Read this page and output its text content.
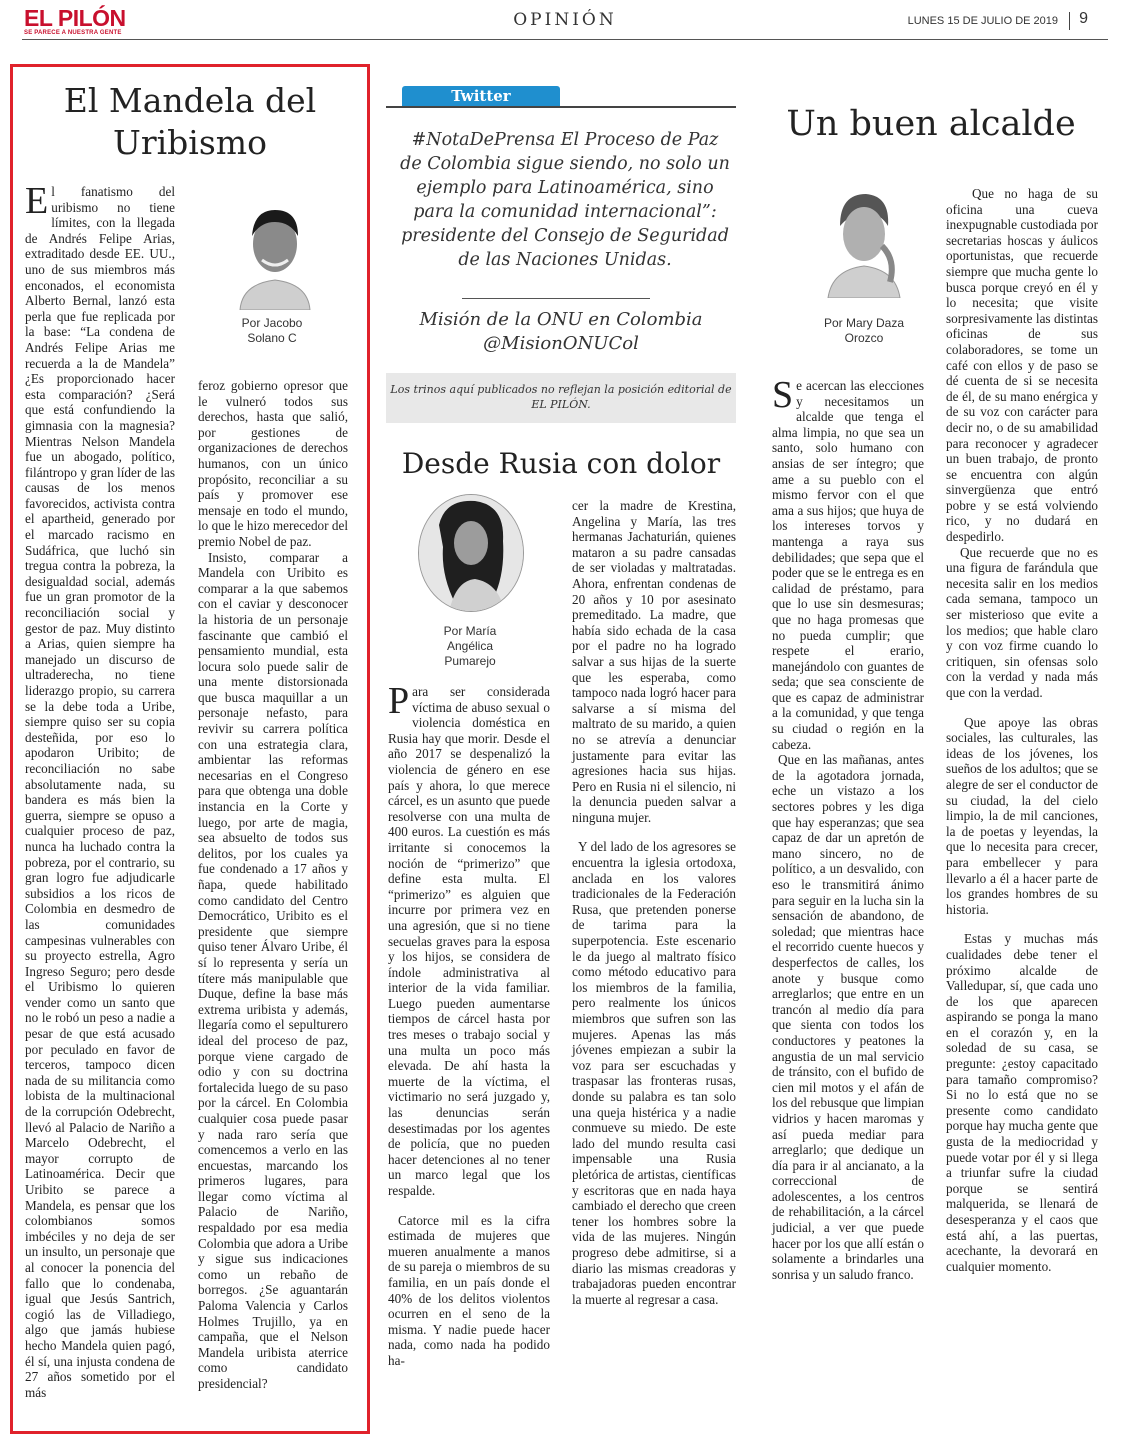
EL PILÓN
SE PARECE A NUESTRA GENTE
OPINIÓN	LUNES 15 DE JULIO DE 2019 9
El Mandela del Uribismo
Por Jacobo
Solano C

El fanatismo del uribismo no tiene límites, con la llegada de Andrés Felipe Arias, extraditado desde EE. UU., uno de sus miembros más enconados, el economista Alberto Bernal, lanzó esta perla que fue replicada por la base: “La condena de Andrés Felipe Arias me recuerda a la de Mandela” ¿Es proporcionado hacer esta comparación? ¿Será que está confundiendo la gimnasia con la magnesia? Mientras Nelson Mandela fue un abogado, político, filántropo y gran líder de las causas de los menos favorecidos, activista contra el apartheid, generado por el marcado racismo en Sudáfrica, que luchó sin tregua contra la pobreza, la desigualdad social, además fue un gran promotor de la reconciliación social y gestor de paz. Muy distinto a Arias, quien siempre ha manejado un discurso de ultraderecha, no tiene liderazgo propio, su carrera se la debe toda a Uribe, siempre quiso ser su copia desteñida, por eso lo apodaron Uribito; de reconciliación no sabe absolutamente nada, su bandera es más bien la guerra, siempre se opuso a cualquier proceso de paz, nunca ha luchado contra la pobreza, por el contrario, su gran logro fue adjudicarle subsidios a los ricos de Colombia en desmedro de las comunidades campesinas vulnerables con su proyecto estrella, Agro Ingreso Seguro; pero desde el Uribismo lo quieren vender como un santo que no le robó un peso a nadie a pesar de que está acusado por peculado en favor de terceros, tampoco dicen nada de su militancia como lobista de la multinacional de la corrupción Odebrecht, llevó al Palacio de Nariño a Marcelo Odebrecht, el mayor corrupto de Latinoamérica. Decir que Uribito se parece a Mandela, es pensar que los colombianos somos imbéciles y no deja de ser un insulto, un personaje que al conocer la ponencia del fallo que lo condenaba, igual que Jesús Santrich, cogió las de Villadiego, algo que jamás hubiese hecho Mandela quien pagó, él sí, una injusta condena de 27 años sometido por el más

feroz gobierno opresor que le vulneró todos sus derechos, hasta que salió, por gestiones de organizaciones de derechos humanos, con un único propósito, reconciliar a su país y promover ese mensaje en todo el mundo, lo que le hizo merecedor del premio Nobel de paz.

Insisto, comparar a Mandela con Uribito es comparar a la que sabemos con el caviar y desconocer la historia de un personaje fascinante que cambió el pensamiento mundial, esta locura solo puede salir de una mente distorsionada que busca maquillar a un personaje nefasto, para revivir su carrera política con una estrategia clara, ambientar las reformas necesarias en el Congreso para que obtenga una doble instancia en la Corte y luego, por arte de magia, sea absuelto de todos sus delitos, por los cuales ya fue condenado a 17 años y ñapa, quede habilitado como candidato del Centro Democrático, Uribito es el presidente que siempre quiso tener Álvaro Uribe, él sí lo representa y sería un títere más manipulable que Duque, define la base más extrema uribista y además, llegaría como el sepulturero ideal del proceso de paz, porque viene cargado de odio y con su doctrina fortalecida luego de su paso por la cárcel. En Colombia cualquier cosa puede pasar y nada raro sería que comencemos a verlo en las encuestas, marcando los primeros lugares, para llegar como víctima al Palacio de Nariño, respaldado por esa media Colombia que adora a Uribe y sigue sus indicaciones como un rebaño de borregos. ¿Se aguantarán Paloma Valencia y Carlos Holmes Trujillo, ya en campaña, que el Nelson Mandela uribista aterrice como candidato presidencial?

Twitter
#NotaDePrensa El Proceso de Paz de Colombia sigue siendo, no solo un ejemplo para Latinoamérica, sino para la comunidad internacional”: presidente del Consejo de Seguridad de las Naciones Unidas.
Misión de la ONU en Colombia
@MisionONUCol
Los trinos aquí publicados no reflejan la posición editorial de EL PILÓN.
Desde Rusia con dolor
Por María
Angélica
Pumarejo

Para ser considerada víctima de abuso sexual o violencia doméstica en Rusia hay que morir. Desde el año 2017 se despenalizó la violencia de género en ese país y ahora, lo que merece cárcel, es un asunto que puede resolverse con una multa de 400 euros. La cuestión es más irritante si conocemos la noción de “primerizo” que define esta multa. El “primerizo” es alguien que incurre por primera vez en una agresión, que si no tiene secuelas graves para la esposa y los hijos, se considera de índole administrativa al interior de la vida familiar. Luego pueden aumentarse tiempos de cárcel hasta por tres meses o trabajo social y una multa un poco más elevada. De ahí hasta la muerte de la víctima, el victimario no será juzgado y, las denuncias serán desestimadas por los agentes de policía, que no pueden hacer detenciones al no tener un marco legal que los respalde.

Catorce mil es la cifra estimada de mujeres que mueren anualmente a manos de su pareja o miembros de su familia, en un país donde el 40% de los delitos violentos ocurren en el seno de la misma. Y nadie puede hacer nada, como nada ha podido ha-

cer la madre de Krestina, Angelina y María, las tres hermanas Jachaturián, quienes mataron a su padre cansadas de ser violadas y maltratadas. Ahora, enfrentan condenas de 20 años y 10 por asesinato premeditado. La madre, que había sido echada de la casa por el padre no ha logrado salvar a sus hijas de la suerte que les esperaba, como tampoco nada logró hacer para salvarse a sí misma del maltrato de su marido, a quien no se atrevía a denunciar justamente para evitar las agresiones hacia sus hijas. Pero en Rusia ni el silencio, ni la denuncia pueden salvar a ninguna mujer.

Y del lado de los agresores se encuentra la iglesia ortodoxa, anclada en los valores tradicionales de la Federación Rusa, que pretenden ponerse de tarima para la superpotencia. Este escenario le da juego al maltrato físico como método educativo para los miembros de la familia, pero realmente los únicos miembros que sufren son las mujeres. Apenas las más jóvenes empiezan a subir la voz para ser escuchadas y traspasar las fronteras rusas, donde su palabra es tan solo una queja histérica y a nadie conmueve su miedo. De este lado del mundo resulta casi impensable una Rusia pletórica de artistas, científicas y escritoras que en nada haya cambiado el derecho que creen tener los hombres sobre la vida de las mujeres. Ningún progreso debe admitirse, si a diario las mismas creadoras y trabajadoras pueden encontrar la muerte al regresar a casa.

Un buen alcalde
Por Mary Daza
Orozco

Se acercan las elecciones y necesitamos un alcalde que tenga el alma limpia, no que sea un santo, solo humano con ansias de ser íntegro; que ame a su pueblo con el mismo fervor con el que ama a sus hijos; que huya de los intereses torvos y mantenga a raya sus debilidades; que sepa que el poder que se le entrega es en calidad de préstamo, para que lo use sin desmesuras; que no haga promesas que no pueda cumplir; que respete el erario, manejándolo con guantes de seda; que sea consciente de que es capaz de administrar a la comunidad, y que tenga su ciudad o región en la cabeza.

Que en las mañanas, antes de la agotadora jornada, eche un vistazo a los sectores pobres y les diga que hay esperanzas; que sea capaz de dar un apretón de mano sincero, no de político, a un desvalido, con eso le transmitirá ánimo para seguir en la lucha sin la sensación de abandono, de soledad; que mientras hace el recorrido cuente huecos y desperfectos de calles, los anote y busque como arreglarlos; que entre en un trancón al medio día para que sienta con todos los conductores y peatones la angustia de un mal servicio de tránsito, con el bufido de cien mil motos y el afán de los del rebusque que limpian vidrios y hacen maromas y así pueda mediar para arreglarlo; que dedique un día para ir al ancianato, a la correccional de adolescentes, a los centros de rehabilitación, a la cárcel judicial, a ver que puede hacer por los que allí están o solamente a brindarles una sonrisa y un saludo franco.

Que no haga de su oficina una cueva inexpugnable custodiada por secretarias hoscas y áulicos oportunistas, que recuerde siempre que mucha gente lo busca porque creyó en él y lo necesita; que visite sorpresivamente las distintas oficinas de sus colaboradores, se tome un café con ellos y de paso se dé cuenta de si se necesita de él, de su mano enérgica y de su voz con carácter para decir no, o de su amabilidad para reconocer y agradecer un buen trabajo, de pronto se encuentra con algún sinvergüenza que entró pobre y se está volviendo rico, y no dudará en despedirlo.

Que recuerde que no es una figura de farándula que necesita salir en los medios cada semana, tampoco un ser misterioso que evite a los medios; que hable claro y con voz firme cuando lo critiquen, sin ofensas solo con la verdad y nada más que con la verdad.

Que apoye las obras sociales, las culturales, las ideas de los jóvenes, los sueños de los adultos; que se alegre de ser el conductor de su ciudad, la del cielo limpio, la de mil canciones, la de poetas y leyendas, la que lo necesita para crecer, para embellecer y para llevarlo a él a hacer parte de los grandes hombres de su historia.

Estas y muchas más cualidades debe tener el próximo alcalde de Valledupar, sí, que cada uno de los que aparecen aspirando se ponga la mano en el corazón y, en la soledad de su casa, se pregunte: ¿estoy capacitado para tamaño compromiso? Si no lo está que no se presente como candidato porque hay mucha gente que gusta de la mediocridad y puede votar por él y si llega a triunfar sufre la ciudad porque se sentirá malquerida, se llenará de desesperanza y el caos que está ahí, a las puertas, acechante, la devorará en cualquier momento.
